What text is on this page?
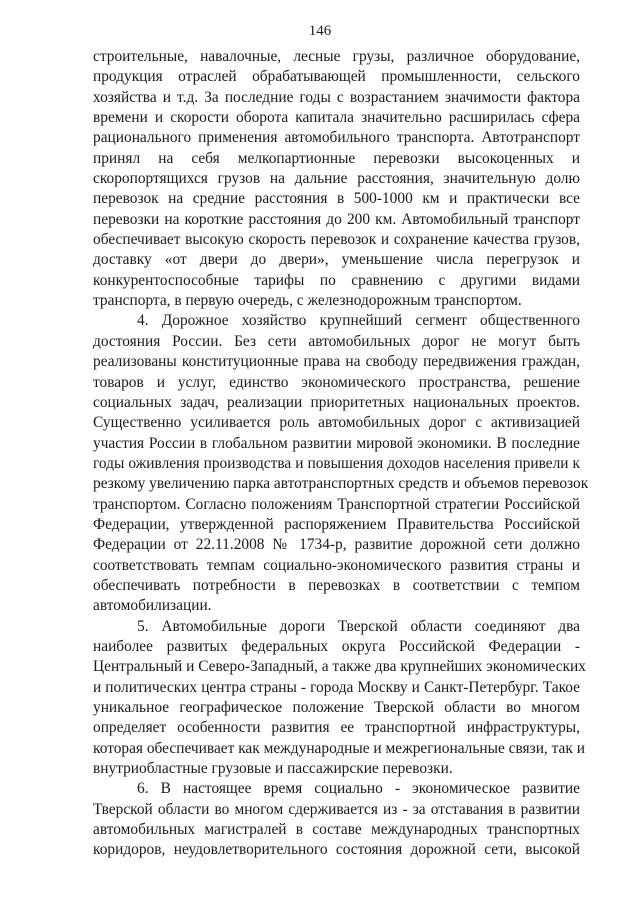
146
строительные, навалочные, лесные грузы, различное оборудование,
продукция отраслей обрабатывающей промышленности, сельского
хозяйства и т.д. За последние годы с возрастанием значимости фактора
времени и скорости оборота капитала значительно расширилась сфера
рационального применения автомобильного транспорта. Автотранспорт
принял на себя мелкопартионные перевозки высокоценных и
скоропортящихся грузов на дальние расстояния, значительную долю
перевозок на средние расстояния в 500-1000 км и практически все
перевозки на короткие расстояния до 200 км. Автомобильный транспорт
обеспечивает высокую скорость перевозок и сохранение качества грузов,
доставку «от двери до двери», уменьшение числа перегрузок и
конкурентоспособные тарифы по сравнению с другими видами
транспорта, в первую очередь, с железнодорожным транспортом.
4. Дорожное хозяйство крупнейший сегмент общественного
достояния России. Без сети автомобильных дорог не могут быть
реализованы конституционные права на свободу передвижения граждан,
товаров и услуг, единство экономического пространства, решение
социальных задач, реализации приоритетных национальных проектов.
Существенно усиливается роль автомобильных дорог с активизацией
участия России в глобальном развитии мировой экономики. В последние
годы оживления производства и повышения доходов населения привели к
резкому увеличению парка автотранспортных средств и объемов перевозок
транспортом. Согласно положениям Транспортной стратегии Российской
Федерации, утвержденной распоряжением Правительства Российской
Федерации от 22.11.2008 № 1734-р, развитие дорожной сети должно
соответствовать темпам социально-экономического развития страны и
обеспечивать потребности в перевозках в соответствии с темпом
автомобилизации.
5. Автомобильные дороги Тверской области соединяют два
наиболее развитых федеральных округа Российской Федерации -
Центральный и Северо-Западный, а также два крупнейших экономических
и политических центра страны - города Москву и Санкт-Петербург. Такое
уникальное географическое положение Тверской области во многом
определяет особенности развития ее транспортной инфраструктуры,
которая обеспечивает как международные и межрегиональные связи, так и
внутриобластные грузовые и пассажирские перевозки.
6. В настоящее время социально - экономическое развитие
Тверской области во многом сдерживается из - за отставания в развитии
автомобильных магистралей в составе международных транспортных
коридоров, неудовлетворительного состояния дорожной сети, высокой
